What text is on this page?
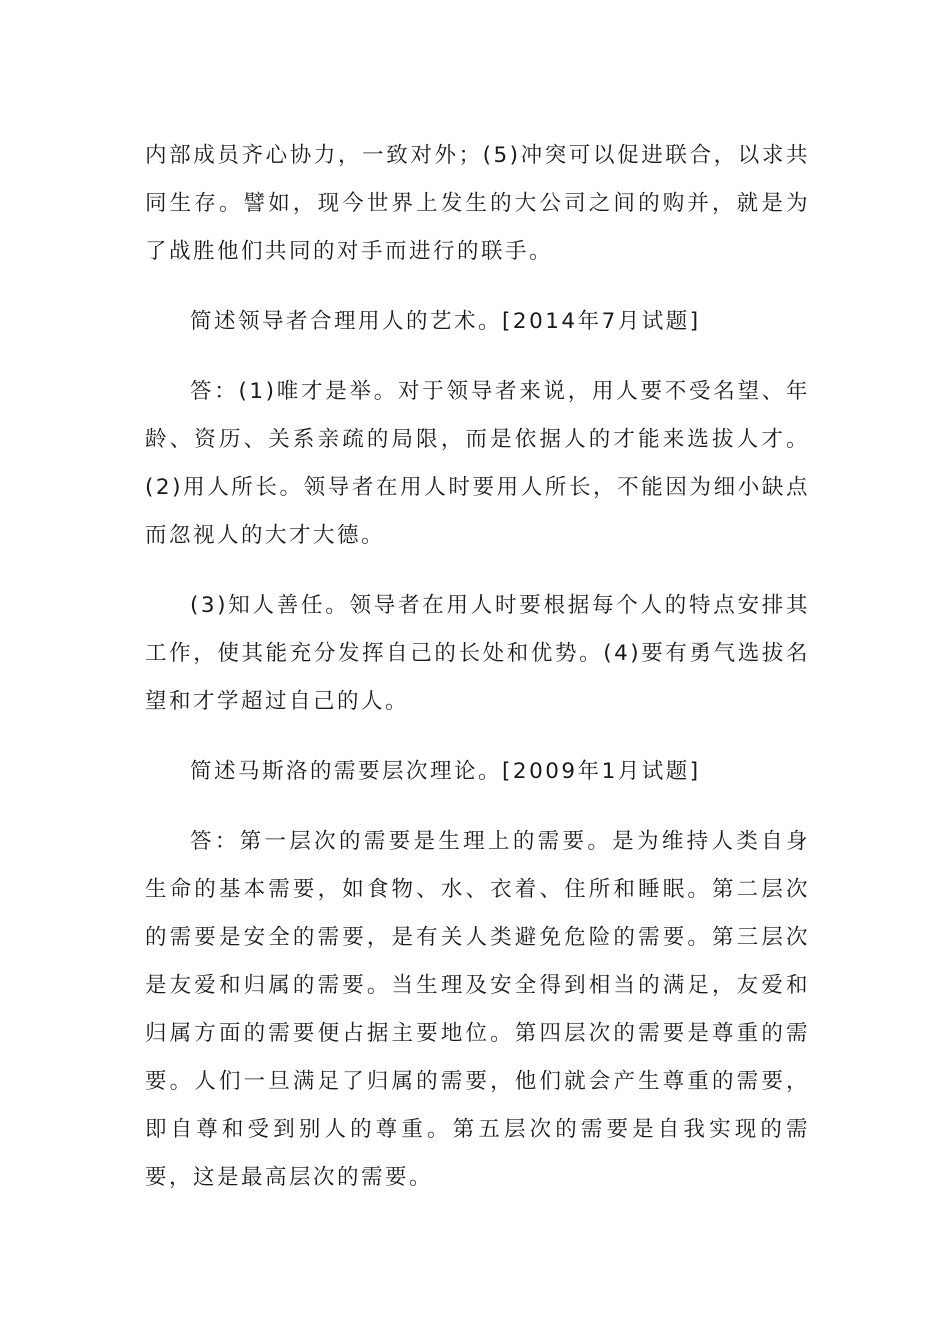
内部成员齐心协力，一致对外；(5)冲突可以促进联合，以求共同生存。譬如，现今世界上发生的大公司之间的购并，就是为了战胜他们共同的对手而进行的联手。

简述领导者合理用人的艺术。[2014年7月试题]

答：(1)唯才是举。对于领导者来说，用人要不受名望、年龄、资历、关系亲疏的局限，而是依据人的才能来选拔人才。(2)用人所长。领导者在用人时要用人所长，不能因为细小缺点而忽视人的大才大德。

(3)知人善任。领导者在用人时要根据每个人的特点安排其工作，使其能充分发挥自己的长处和优势。(4)要有勇气选拔名望和才学超过自己的人。

简述马斯洛的需要层次理论。[2009年1月试题]

答：第一层次的需要是生理上的需要。是为维持人类自身生命的基本需要，如食物、水、衣着、住所和睡眠。第二层次的需要是安全的需要，是有关人类避免危险的需要。第三层次是友爱和归属的需要。当生理及安全得到相当的满足，友爱和归属方面的需要便占据主要地位。第四层次的需要是尊重的需要。人们一旦满足了归属的需要，他们就会产生尊重的需要，即自尊和受到别人的尊重。第五层次的需要是自我实现的需要，这是最高层次的需要。
